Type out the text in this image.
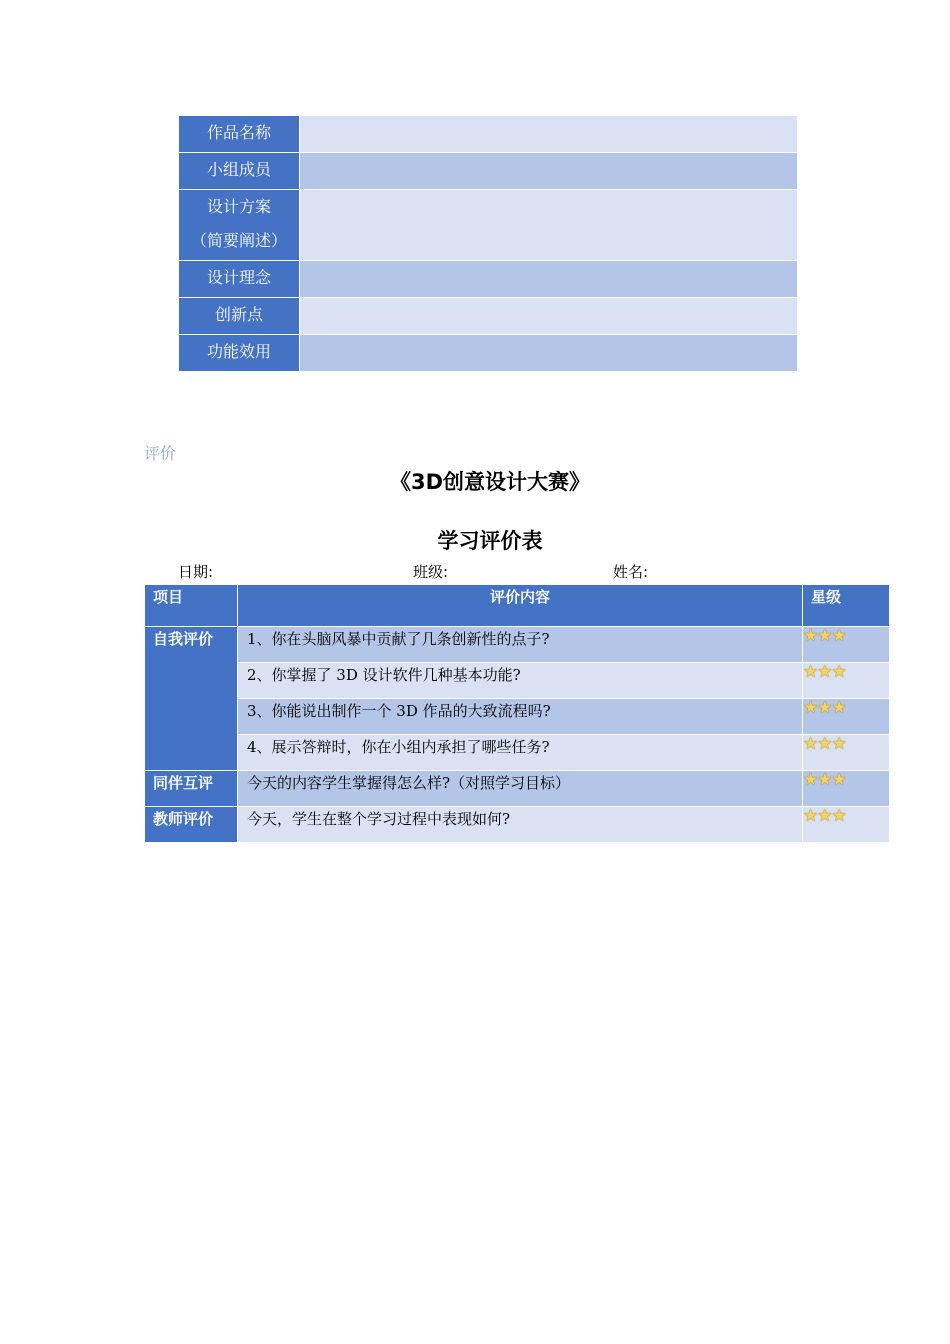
作品名称	

小组成员	

设计方案
（简要阐述）	

设计理念	

创新点	

功能效用	

评价
《3D创意设计大赛》
学习评价表
日期:	班级:	姓名:
项目	评价内容	星级
自我评价	1、你在头脑风暴中贡献了几条创新性的点子?	★★★
	2、你掌握了 3D 设计软件几种基本功能?	★★★
	3、你能说出制作一个 3D 作品的大致流程吗?	★★★
	4、展示答辩时，你在小组内承担了哪些任务?	★★★
同伴互评	今天的内容学生掌握得怎么样?（对照学习目标）	★★★
教师评价	今天，学生在整个学习过程中表现如何?	★★★
